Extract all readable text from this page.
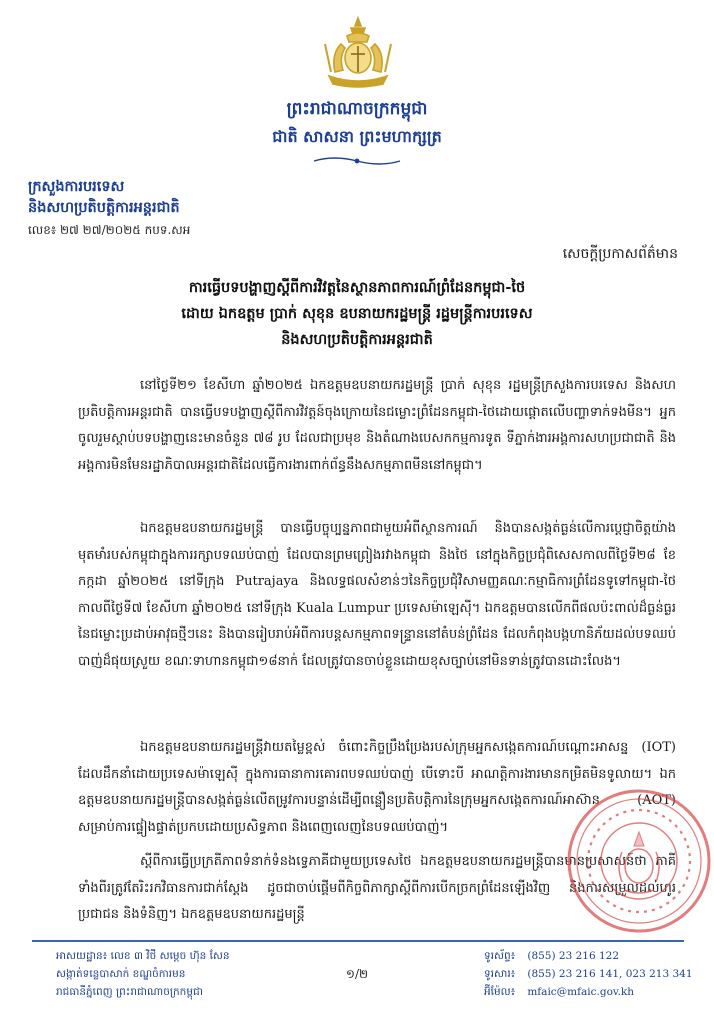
ព្រះរាជាណាចក្រកម្ពុជា
ជាតិ សាសនា ព្រះមហាក្សត្រ
ក្រសួងការបរទេស
និងសហប្រតិបត្តិការអន្តរជាតិ
លេខ៖ ២៧ ២៧/២០២៥ កបទ.សអ
សេចក្តីប្រកាសព័ត៌មាន
ការធ្វើបទបង្ហាញស្តីពីការវិវត្តនៃស្ថានភាពការណ៍ព្រំដែនកម្ពុជា-ថៃ
ដោយ ឯកឧត្តម ប្រាក់ សុខុន ឧបនាយករដ្ឋមន្ត្រី រដ្ឋមន្ត្រីការបរទេស
និងសហប្រតិបត្តិការអន្តរជាតិ
នៅថ្ងៃទី២១ ខែសីហា ឆ្នាំ២០២៥ ឯកឧត្តមឧបនាយករដ្ឋមន្ត្រី ប្រាក់ សុខុន រដ្ឋមន្ត្រីក្រសួងការបរទេស និងសហប្រតិបត្តិការអន្តរជាតិ បានធ្វើបទបង្ហាញស្តីពីការវិវត្តន៍ចុងក្រោយនៃជម្លោះព្រំដែនកម្ពុជា-ថៃដោយផ្តោតលើបញ្ហាទាក់ទងមីន។ អ្នកចូលរួមស្តាប់បទបង្ហាញនេះមានចំនួន ៧៨ រូប ដែលជាប្រមុខ និងតំណាងបេសកកម្មការទូត ទីភ្នាក់ងារអង្គការសហប្រជាជាតិ និងអង្គការមិនមែនរដ្ឋាភិបាលអន្តរជាតិដែលធ្វើការងារពាក់ព័ន្ធនឹងសកម្មភាពមីននៅកម្ពុជា។
ឯកឧត្តមឧបនាយករដ្ឋមន្ត្រី បានធ្វើបច្ចុប្បន្នភាពជាមួយអំពីស្ថានការណ៍ និងបានសង្កត់ធ្ងន់លើការប្តេជ្ញាចិត្តយ៉ាងមុតមាំរបស់កម្ពុជាក្នុងការរក្សាបទឈប់បាញ់ ដែលបានព្រមព្រៀងរវាងកម្ពុជា និងថៃ នៅក្នុងកិច្ចប្រជុំពិសេសកាលពីថ្ងៃទី២៨ ខែកក្កដា ឆ្នាំ២០២៥ នៅទីក្រុង Putrajaya និងលទ្ធផលសំខាន់ៗនៃកិច្ចប្រជុំវិសាមញ្ញគណៈកម្មាធិការព្រំដែនទូទៅកម្ពុជា-ថៃ កាលពីថ្ងៃទី៧ ខែសីហា ឆ្នាំ២០២៥ នៅទីក្រុង Kuala Lumpur ប្រទេសម៉ាឡេស៊ី។ ឯកឧត្តមបានលើកពីផលប៉ះពាល់ដ៏ធ្ងន់ធ្ងរនៃជម្លោះប្រដាប់អាវុធថ្មីៗនេះ និងបានរៀបរាប់អំពីការបន្តសកម្មភាពទន្ទ្រាននៅតំបន់ព្រំដែន ដែលកំពុងបង្កហានិភ័យដល់បទឈប់បាញ់ដ៏ផុយស្រួយ ខណៈទាហានកម្ពុជា១៨នាក់ ដែលត្រូវបានចាប់ខ្លួនដោយខុសច្បាប់នៅមិនទាន់ត្រូវបានដោះលែង។
ឯកឧត្តមឧបនាយករដ្ឋមន្ត្រីវាយតម្លៃខ្ពស់ ចំពោះកិច្ចប្រឹងប្រែងរបស់ក្រុមអ្នកសង្កេតការណ៍បណ្តោះអាសន្ន (IOT) ដែលដឹកនាំដោយប្រទេសម៉ាឡេស៊ី ក្នុងការធានាការគោរពបទឈប់បាញ់ បើទោះបី អាណត្តិការងារមានកម្រិតមិនទូលាយ។ ឯកឧត្តមឧបនាយករដ្ឋមន្ត្រីបានសង្កត់ធ្ងន់លើតម្រូវការបន្ទាន់ដើម្បីពន្លឿនប្រតិបត្តិការនៃក្រុមអ្នកសង្កេតការណ៍អាស៊ាន (AOT) សម្រាប់ការផ្ទៀងផ្ទាត់ប្រកបដោយប្រសិទ្ធភាព និងពេញលេញនៃបទឈប់បាញ់។
ស្តីពីការធ្វើប្រក្រតីភាពទំនាក់ទំនងទ្វេភាគីជាមួយប្រទេសថៃ ឯកឧត្តមឧបនាយករដ្ឋមន្ត្រីបានមានប្រសាសន៍ថា ភាគីទាំងពីរត្រូវតែរិះរកវិធានការជាក់ស្តែង ដូចជាចាប់ផ្តើមពីកិច្ចពិភាក្សាស្តីពីការបើកច្រកព្រំដែនឡើងវិញ និងការសម្រួលដល់ហូរប្រជាជន និងទំនិញ។ ឯកឧត្តមឧបនាយករដ្ឋមន្ត្រី
អាសយដ្ឋាន៖ លេខ ៣ វិថី សម្តេច ហ៊ុន សែន
សង្កាត់ទន្លេបាសាក់ ខណ្ឌចំការមន
រាជធានីភ្នំពេញ ព្រះរាជាណាចក្រកម្ពុជា
១/២
ទូរស័ព្ទ៖ (855) 23 216 122
ទូរសារ៖ (855) 23 216 141, 023 213 341
អ៊ីម៉ែល៖ mfaic@mfaic.gov.kh
